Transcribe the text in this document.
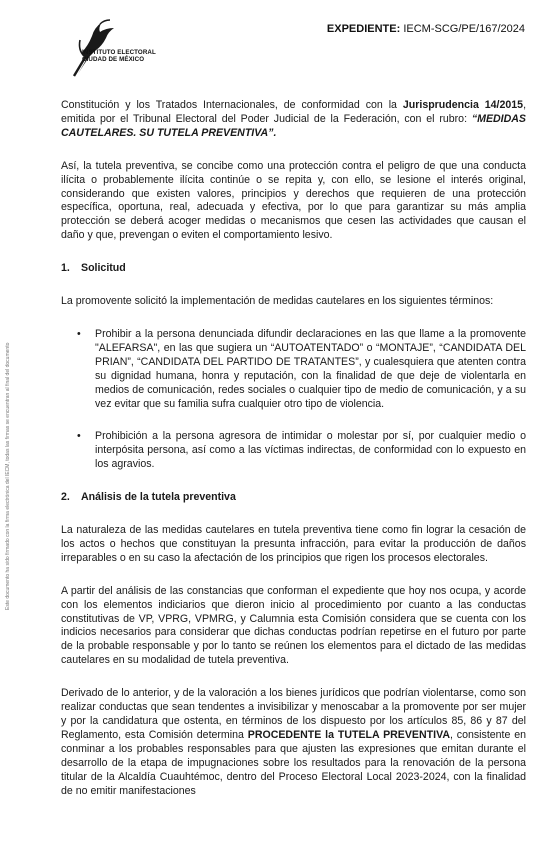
Este documento ha sido firmado con la firma electrónica del IECM, todas las firmas se encuentran al final del documento
INSTITUTO ELECTORAL
CIUDAD DE MÉXICO
EXPEDIENTE: IECM-SCG/PE/167/2024

Constitución y los Tratados Internacionales, de conformidad con la Jurisprudencia 14/2015, emitida por el Tribunal Electoral del Poder Judicial de la Federación, con el rubro: “MEDIDAS CAUTELARES. SU TUTELA PREVENTIVA”.

Así, la tutela preventiva, se concibe como una protección contra el peligro de que una conducta ilícita o probablemente ilícita continúe o se repita y, con ello, se lesione el interés original, considerando que existen valores, principios y derechos que requieren de una protección específica, oportuna, real, adecuada y efectiva, por lo que para garantizar su más amplia protección se deberá acoger medidas o mecanismos que cesen las actividades que causan el daño y que, prevengan o eviten el comportamiento lesivo.

1. Solicitud

La promovente solicitó la implementación de medidas cautelares en los siguientes términos:

• Prohibir a la persona denunciada difundir declaraciones en las que llame a la promovente "ALEFARSA", en las que sugiera un “AUTOATENTADO” o “MONTAJE”, “CANDIDATA DEL PRIAN”, “CANDIDATA DEL PARTIDO DE TRATANTES”, y cualesquiera que atenten contra su dignidad humana, honra y reputación, con la finalidad de que deje de violentarla en medios de comunicación, redes sociales o cualquier tipo de medio de comunicación, y a su vez evitar que su familia sufra cualquier otro tipo de violencia.
• Prohibición a la persona agresora de intimidar o molestar por sí, por cualquier medio o interpósita persona, así como a las víctimas indirectas, de conformidad con lo expuesto en los agravios.
2. Análisis de la tutela preventiva

La naturaleza de las medidas cautelares en tutela preventiva tiene como fin lograr la cesación de los actos o hechos que constituyan la presunta infracción, para evitar la producción de daños irreparables o en su caso la afectación de los principios que rigen los procesos electorales.

A partir del análisis de las constancias que conforman el expediente que hoy nos ocupa, y acorde con los elementos indiciarios que dieron inicio al procedimiento por cuanto a las conductas constitutivas de VP, VPRG, VPMRG, y Calumnia esta Comisión considera que se cuenta con los indicios necesarios para considerar que dichas conductas podrían repetirse en el futuro por parte de la probable responsable y por lo tanto se reúnen los elementos para el dictado de las medidas cautelares en su modalidad de tutela preventiva.

Derivado de lo anterior, y de la valoración a los bienes jurídicos que podrían violentarse, como son realizar conductas que sean tendentes a invisibilizar y menoscabar a la promovente por ser mujer y por la candidatura que ostenta, en términos de los dispuesto por los artículos 85, 86 y 87 del Reglamento, esta Comisión determina PROCEDENTE la TUTELA PREVENTIVA, consistente en conminar a los probables responsables para que ajusten las expresiones que emitan durante el desarrollo de la etapa de impugnaciones sobre los resultados para la renovación de la persona titular de la Alcaldía Cuauhtémoc, dentro del Proceso Electoral Local 2023-2024, con la finalidad de no emitir manifestaciones
